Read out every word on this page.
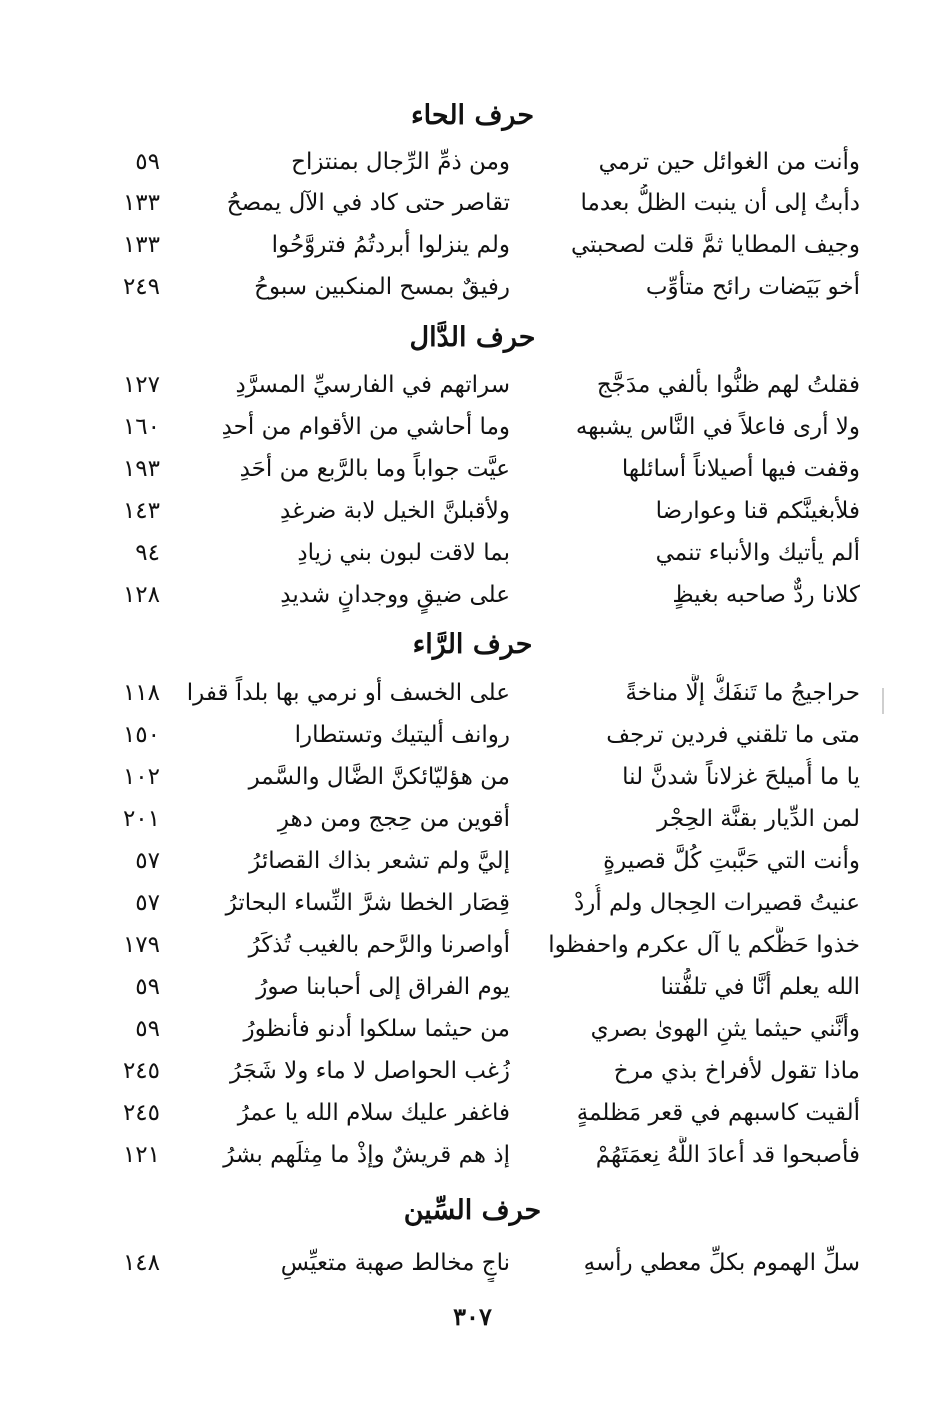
حرف الحاء
وأنت من الغوائل حين ترمي
ومن ذمِّ الرِّجال بمنتزاح
٥٩
دأبتُ إلى أن ينبت الظلُّ بعدما
تقاصر حتى كاد في الآل يمصحُ
١٣٣
وجيف المطايا ثمَّ قلت لصحبتي
ولم ينزلوا أبردتُمُ فتروَّحُوا
١٣٣
أخو بَيَضات رائح متأوِّب
رفيقٌ بمسح المنكبين سبوحُ
٢٤٩
حرف الدَّال
فقلتُ لهم ظنُّوا بألفي مدَجَّج
سراتهم في الفارسيِّ المسرَّدِ
١٢٧
ولا أرى فاعلاً في النَّاس يشبهه
وما أحاشي من الأقوام من أحدِ
١٦٠
وقفت فيها أصيلاناً أسائلها
عيَّت جواباً وما بالرَّبع من أحَدِ
١٩٣
فلأبغينَّكم قنا وعوارضا
ولأقبلنَّ الخيل لابة ضرغدِ
١٤٣
ألم يأتيك والأنباء تنمي
بما لاقت لبون بني زيادِ
٩٤
كلانا ردٌّ صاحبه بغيظٍ
على ضيقٍ ووجدانٍ شديدِ
١٢٨
حرف الرَّاء
حراجيجُ ما تَنفَكُّ إلَّا مناخةً
على الخسف أو نرمي بها بلداً قفرا
١١٨
متى ما تلقني فردين ترجف
روانف أليتيك وتستطارا
١٥٠
يا ما أُميلحَ غزلاناً شدنَّ لنا
من هؤليّائكنَّ الضَّال والسَّمر
١٠٢
لمن الدِّيار بقنَّة الحِجْر
أقوين من حِجج ومن دهرِ
٢٠١
وأنت التي حَبَّبتِ كُلَّ قصيرةٍ
إليَّ ولم تشعر بذاك القصائرُ
٥٧
عنيتُ قصيرات الحِجال ولم أُردْ
قِصَار الخطا شرَّ النِّساء البحاترُ
٥٧
خذوا حَظَّكم يا آل عكرم واحفظوا
أواصرنا والرَّحم بالغيب تُذكَرُ
١٧٩
الله يعلم أنَّا في تلفُّتنا
يوم الفراق إلى أحبابنا صورُ
٥٩
وأنَّني حيثما يثنِ الهوىٰ بصري
من حيثما سلكوا أدنو فأنظورُ
٥٩
ماذا تقول لأفراخ بذي مرخ
زُغب الحواصل لا ماء ولا شَجَرُ
٢٤٥
ألقيت كاسبهم في قعر مَظلمةٍ
فاغفر عليك سلام الله يا عمرُ
٢٤٥
فأصبحوا قد أعادَ اللَّهُ نِعمَتَهُمْ
إذ هم قريشٌ وإذْ ما مِثلَهم بشرُ
١٢١
حرف السِّين
سلِّ الهموم بكلِّ معطي رأسهِ
ناجٍ مخالط صهبة متعيِّسِ
١٤٨
٣٠٧
